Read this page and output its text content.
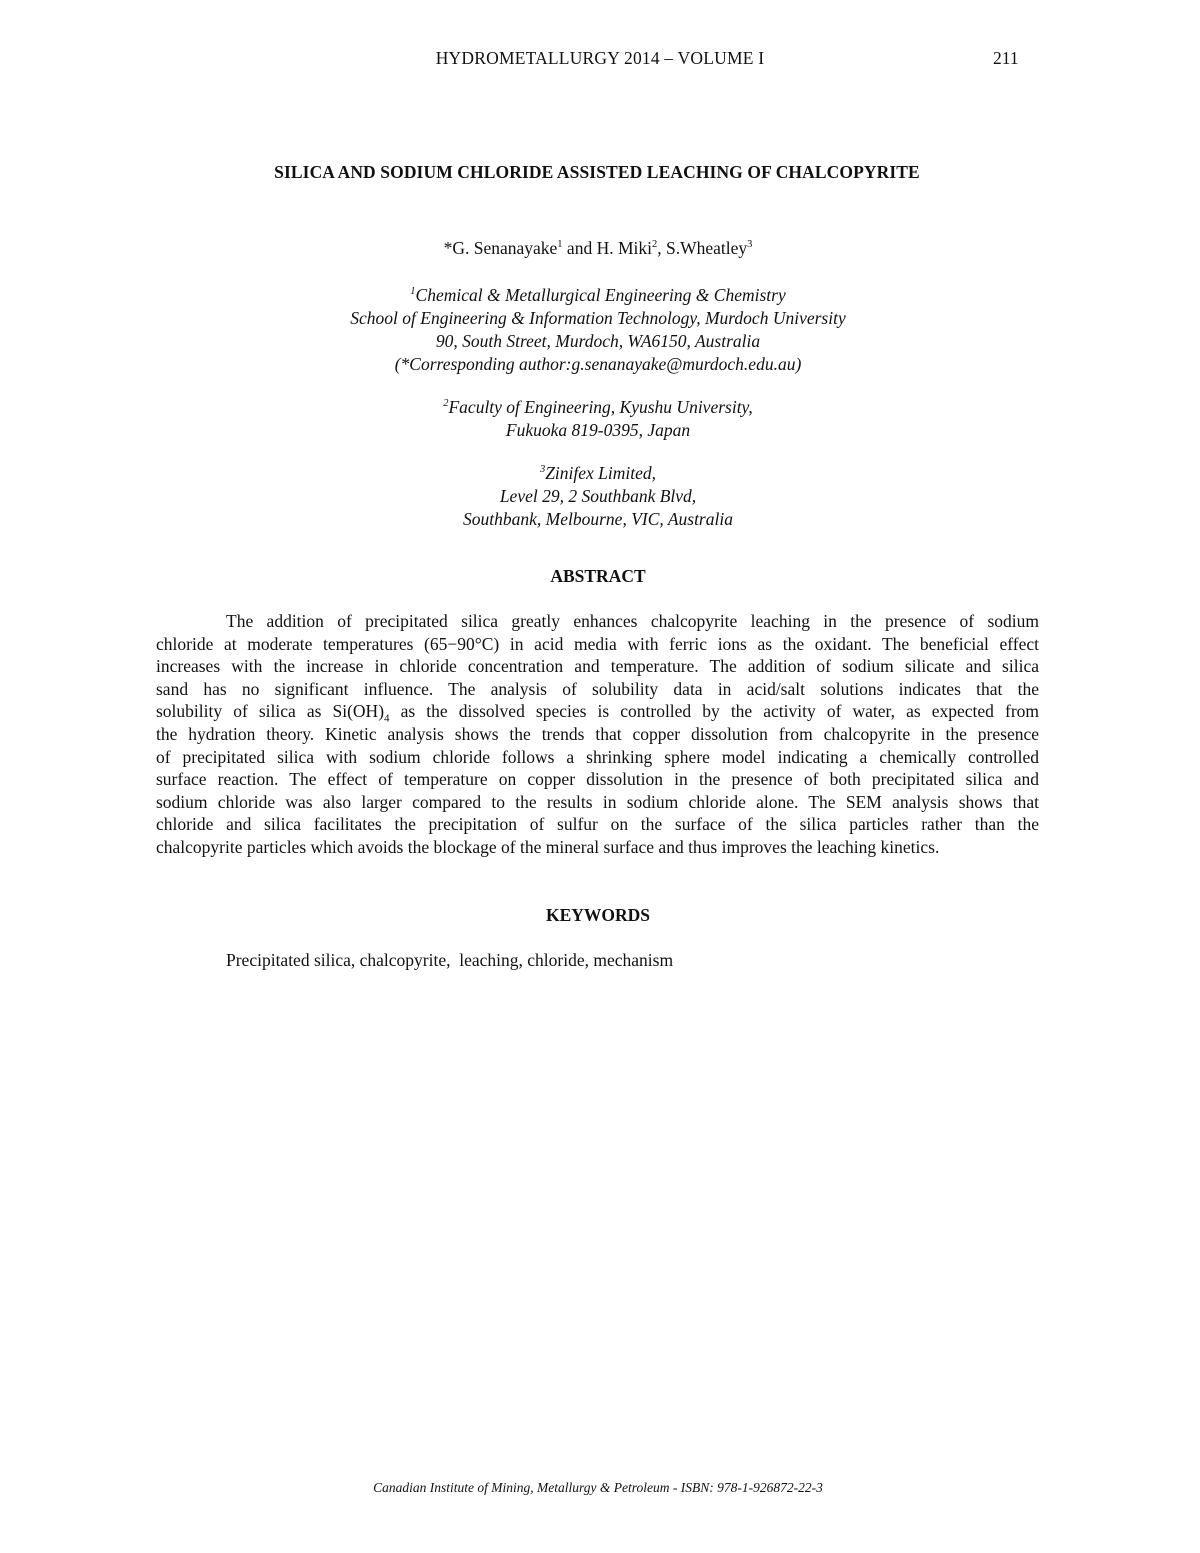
HYDROMETALLURGY 2014 – VOLUME I	211
SILICA AND SODIUM CHLORIDE ASSISTED LEACHING OF CHALCOPYRITE
*G. Senanayake$^1$ and H. Miki$^2$, S.Wheatley$^3$
$^1$Chemical & Metallurgical Engineering & Chemistry
School of Engineering & Information Technology, Murdoch University
90, South Street, Murdoch, WA6150, Australia
(*Corresponding author:g.senanayake@murdoch.edu.au)
$^2$Faculty of Engineering, Kyushu University,
Fukuoka 819-0395, Japan
$^3$Zinifex Limited,
Level 29, 2 Southbank Blvd,
Southbank, Melbourne, VIC, Australia
ABSTRACT
The addition of precipitated silica greatly enhances chalcopyrite leaching in the presence of sodium
chloride at moderate temperatures (65−90°C) in acid media with ferric ions as the oxidant. The beneficial effect
increases with the increase in chloride concentration and temperature. The addition of sodium silicate and silica
sand has no significant influence. The analysis of solubility data in acid/salt solutions indicates that the
solubility of silica as $Si(OH)_4$ as the dissolved species is controlled by the activity of water, as expected from
the hydration theory. Kinetic analysis shows the trends that copper dissolution from chalcopyrite in the presence
of precipitated silica with sodium chloride follows a shrinking sphere model indicating a chemically controlled
surface reaction. The effect of temperature on copper dissolution in the presence of both precipitated silica and
sodium chloride was also larger compared to the results in sodium chloride alone. The SEM analysis shows that
chloride and silica facilitates the precipitation of sulfur on the surface of the silica particles rather than the
chalcopyrite particles which avoids the blockage of the mineral surface and thus improves the leaching kinetics.
KEYWORDS
Precipitated silica, chalcopyrite,  leaching, chloride, mechanism
Canadian Institute of Mining, Metallurgy & Petroleum - ISBN: 978-1-926872-22-3
